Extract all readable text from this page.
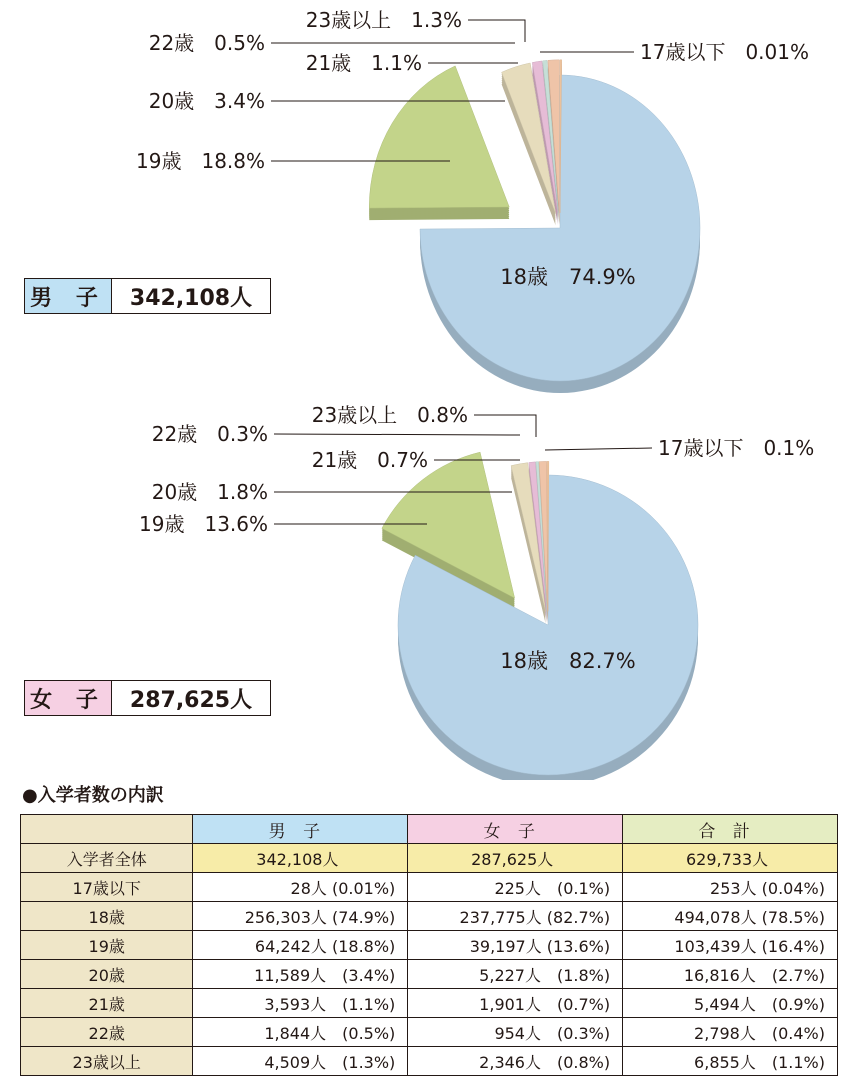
18歳　74.9%
19歳　18.8%
20歳　3.4%
21歳　1.1%
22歳　0.5%
23歳以上　1.3%
17歳以下　0.01%
男 子	342,108人
18歳　82.7%
19歳　13.6%
20歳　1.8%
21歳　0.7%
22歳　0.3%
23歳以上　0.8%
17歳以下　0.1%
女 子	287,625人
●入学者数の内訳
	男 子	女 子	合 計
入学者全体	342,108人	287,625人	629,733人
17歳以下	28人 (0.01%)	225人　(0.1%)	253人 (0.04%)
18歳	256,303人 (74.9%)	237,775人 (82.7%)	494,078人 (78.5%)
19歳	64,242人 (18.8%)	39,197人 (13.6%)	103,439人 (16.4%)
20歳	11,589人　(3.4%)	5,227人　(1.8%)	16,816人　(2.7%)
21歳	3,593人　(1.1%)	1,901人　(0.7%)	5,494人　(0.9%)
22歳	1,844人　(0.5%)	954人　(0.3%)	2,798人　(0.4%)
23歳以上	4,509人　(1.3%)	2,346人　(0.8%)	6,855人　(1.1%)
